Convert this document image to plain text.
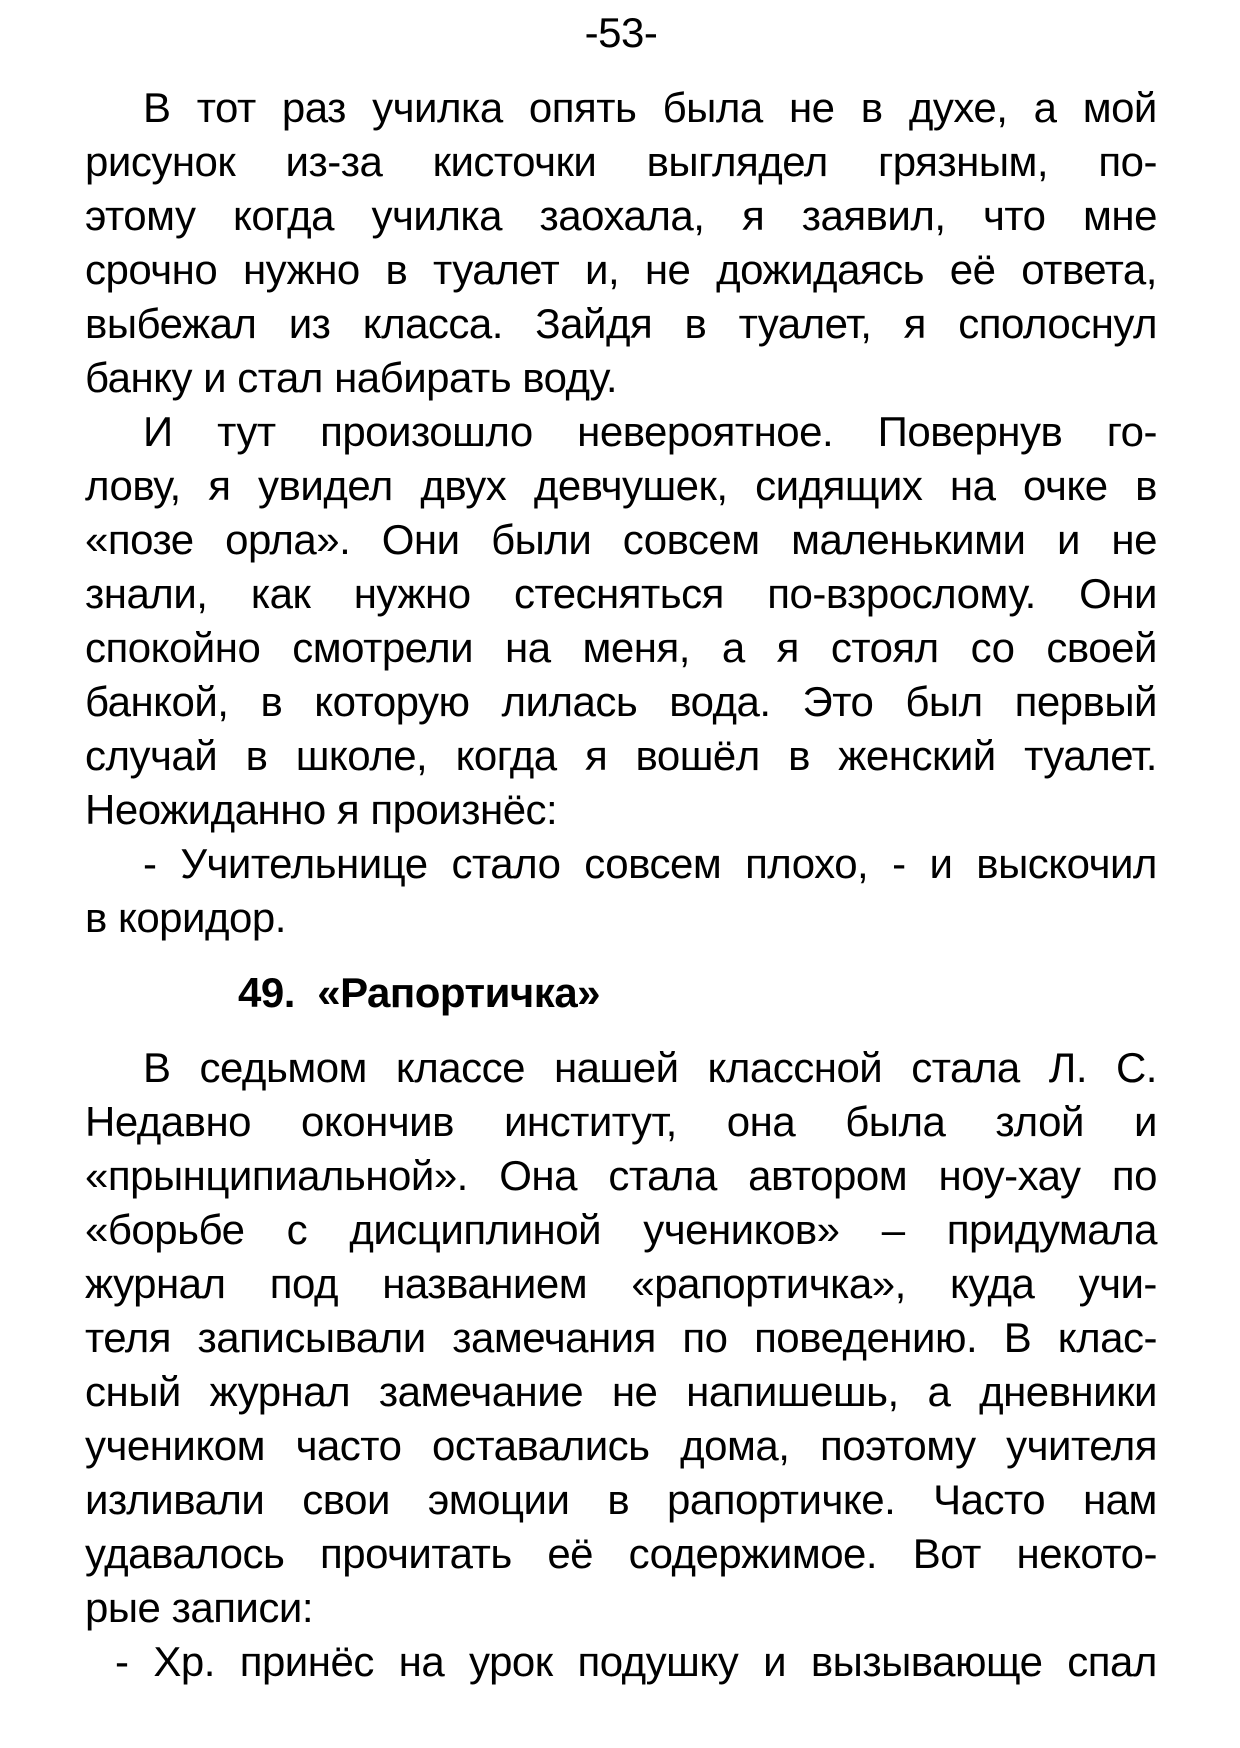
-53-
В тот раз училка опять была не в духе, а мой
рисунок из-за кисточки выглядел грязным, по-
этому когда училка заохала, я заявил, что мне
срочно нужно в туалет и, не дожидаясь её ответа,
выбежал из класса. Зайдя в туалет, я сполоснул
банку и стал набирать воду.
И тут произошло невероятное. Повернув го-
лову, я увидел двух девчушек, сидящих на очке в
«позе орла». Они были совсем маленькими и не
знали, как нужно стесняться по-взрослому. Они
спокойно смотрели на меня, а я стоял со своей
банкой, в которую лилась вода. Это был первый
случай в школе, когда я вошёл в женский туалет.
Неожиданно я произнёс:
- Учительнице стало совсем плохо, - и выскочил
в коридор.
49.  «Рапортичка»
В седьмом классе нашей классной стала Л. С.
Недавно окончив институт, она была злой и
«прынципиальной». Она стала автором ноу-хау по
«борьбе с дисциплиной учеников» – придумала
журнал под названием «рапортичка», куда учи-
теля записывали замечания по поведению. В клас-
сный журнал замечание не напишешь, а дневники
учеником часто оставались дома, поэтому учителя
изливали свои эмоции в рапортичке. Часто нам
удавалось прочитать её содержимое. Вот некото-
рые записи:
- Хр. принёс на урок подушку и вызывающе спал
